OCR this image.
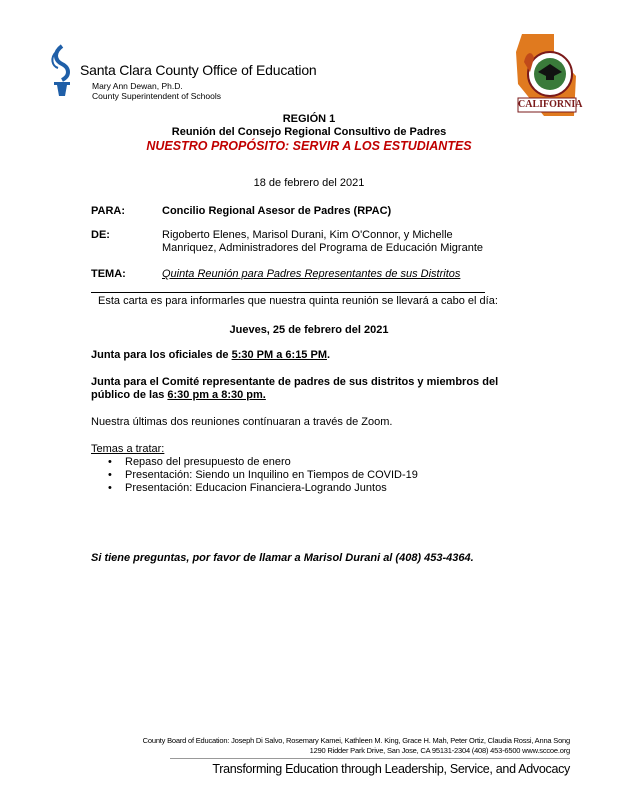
Santa Clara County Office of Education
Mary Ann Dewan, Ph.D.
County Superintendent of Schools
CALIFORNIA
REGIÓN 1
Reunión del Consejo Regional Consultivo de Padres
NUESTRO PROPÓSITO: SERVIR A LOS ESTUDIANTES
18 de febrero del 2021
PARA:	Concilio Regional Asesor de Padres (RPAC)
DE:	Rigoberto Elenes, Marisol Durani, Kim O'Connor, y Michelle
Manriquez, Administradores del Programa de Educación Migrante
TEMA:	Quinta Reunión para Padres Representantes de sus Distritos
Esta carta es para informarles que nuestra quinta reunión se llevará a cabo el día:
Jueves, 25 de febrero del 2021
Junta para los oficiales de 5:30 PM a 6:15 PM.
Junta para el Comité representante de padres de sus distritos y miembros del
público de las 6:30 pm a 8:30 pm.
Nuestra últimas dos reuniones contínuaran a través de Zoom.
Temas a tratar:
• Repaso del presupuesto de enero
• Presentación: Siendo un Inquilino en Tiempos de COVID-19
• Presentación: Educacion Financiera-Logrando Juntos
Si tiene preguntas, por favor de llamar a Marisol Durani al (408) 453-4364.
County Board of Education: Joseph Di Salvo, Rosemary Kamei, Kathleen M. King, Grace H. Mah, Peter Ortiz, Claudia Rossi, Anna Song
1290 Ridder Park Drive, San Jose, CA 95131-2304 (408) 453-6500 www.sccoe.org
Transforming Education through Leadership, Service, and Advocacy
